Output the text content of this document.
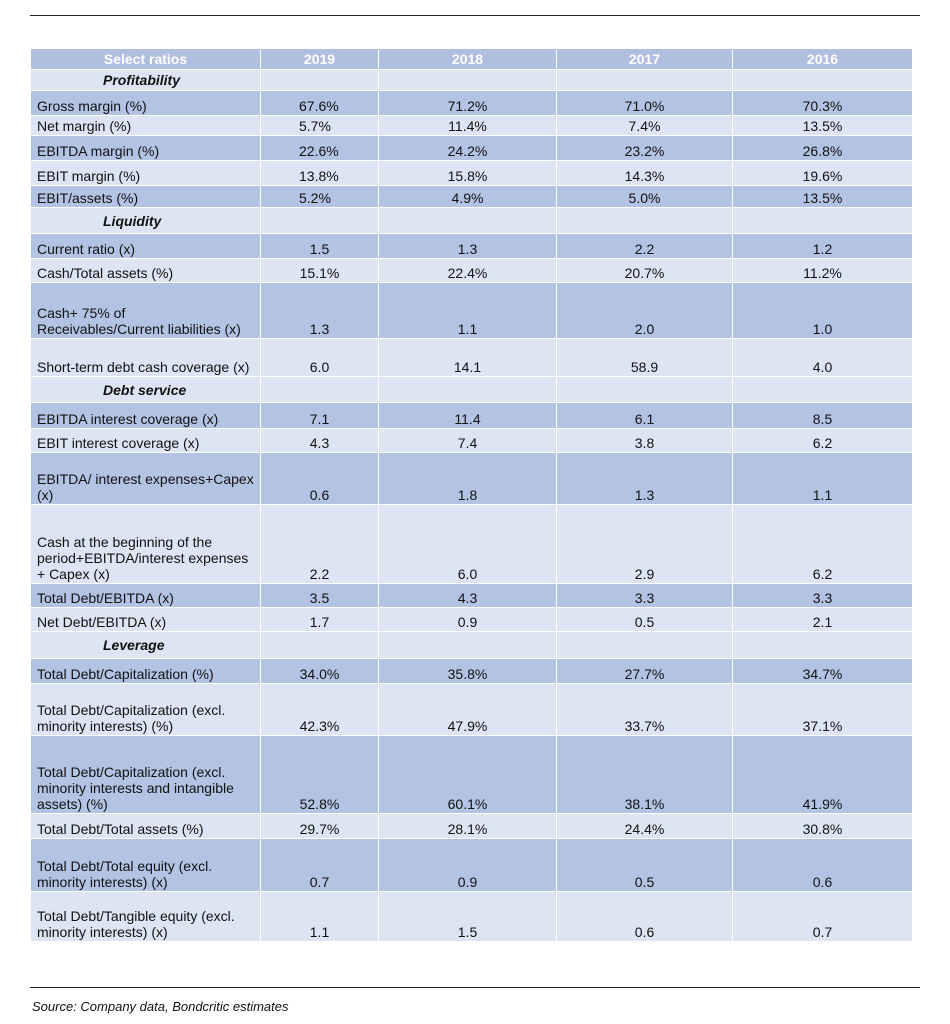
Select ratios	2019	2018	2017	2016
Profitability				
Gross margin (%)	67.6%	71.2%	71.0%	70.3%
Net margin (%)	5.7%	11.4%	7.4%	13.5%
EBITDA margin (%)	22.6%	24.2%	23.2%	26.8%
EBIT margin (%)	13.8%	15.8%	14.3%	19.6%
EBIT/assets (%)	5.2%	4.9%	5.0%	13.5%
Liquidity				
Current ratio (x)	1.5	1.3	2.2	1.2
Cash/Total assets (%)	15.1%	22.4%	20.7%	11.2%
Cash+ 75% of Receivables/Current liabilities (x)	1.3	1.1	2.0	1.0
Short-term debt cash coverage (x)	6.0	14.1	58.9	4.0
Debt service				
EBITDA interest coverage (x)	7.1	11.4	6.1	8.5
EBIT interest coverage (x)	4.3	7.4	3.8	6.2
EBITDA/ interest expenses+Capex (x)	0.6	1.8	1.3	1.1
Cash at the beginning of the period+EBITDA/interest expenses + Capex (x)	2.2	6.0	2.9	6.2
Total Debt/EBITDA (x)	3.5	4.3	3.3	3.3
Net Debt/EBITDA (x)	1.7	0.9	0.5	2.1
Leverage				
Total Debt/Capitalization (%)	34.0%	35.8%	27.7%	34.7%
Total Debt/Capitalization (excl. minority interests) (%)	42.3%	47.9%	33.7%	37.1%
Total Debt/Capitalization (excl. minority interests and intangible assets) (%)	52.8%	60.1%	38.1%	41.9%
Total Debt/Total assets (%)	29.7%	28.1%	24.4%	30.8%
Total Debt/Total equity (excl. minority interests) (x)	0.7	0.9	0.5	0.6
Total Debt/Tangible equity (excl. minority interests) (x)	1.1	1.5	0.6	0.7
Source: Company data, Bondcritic estimates
